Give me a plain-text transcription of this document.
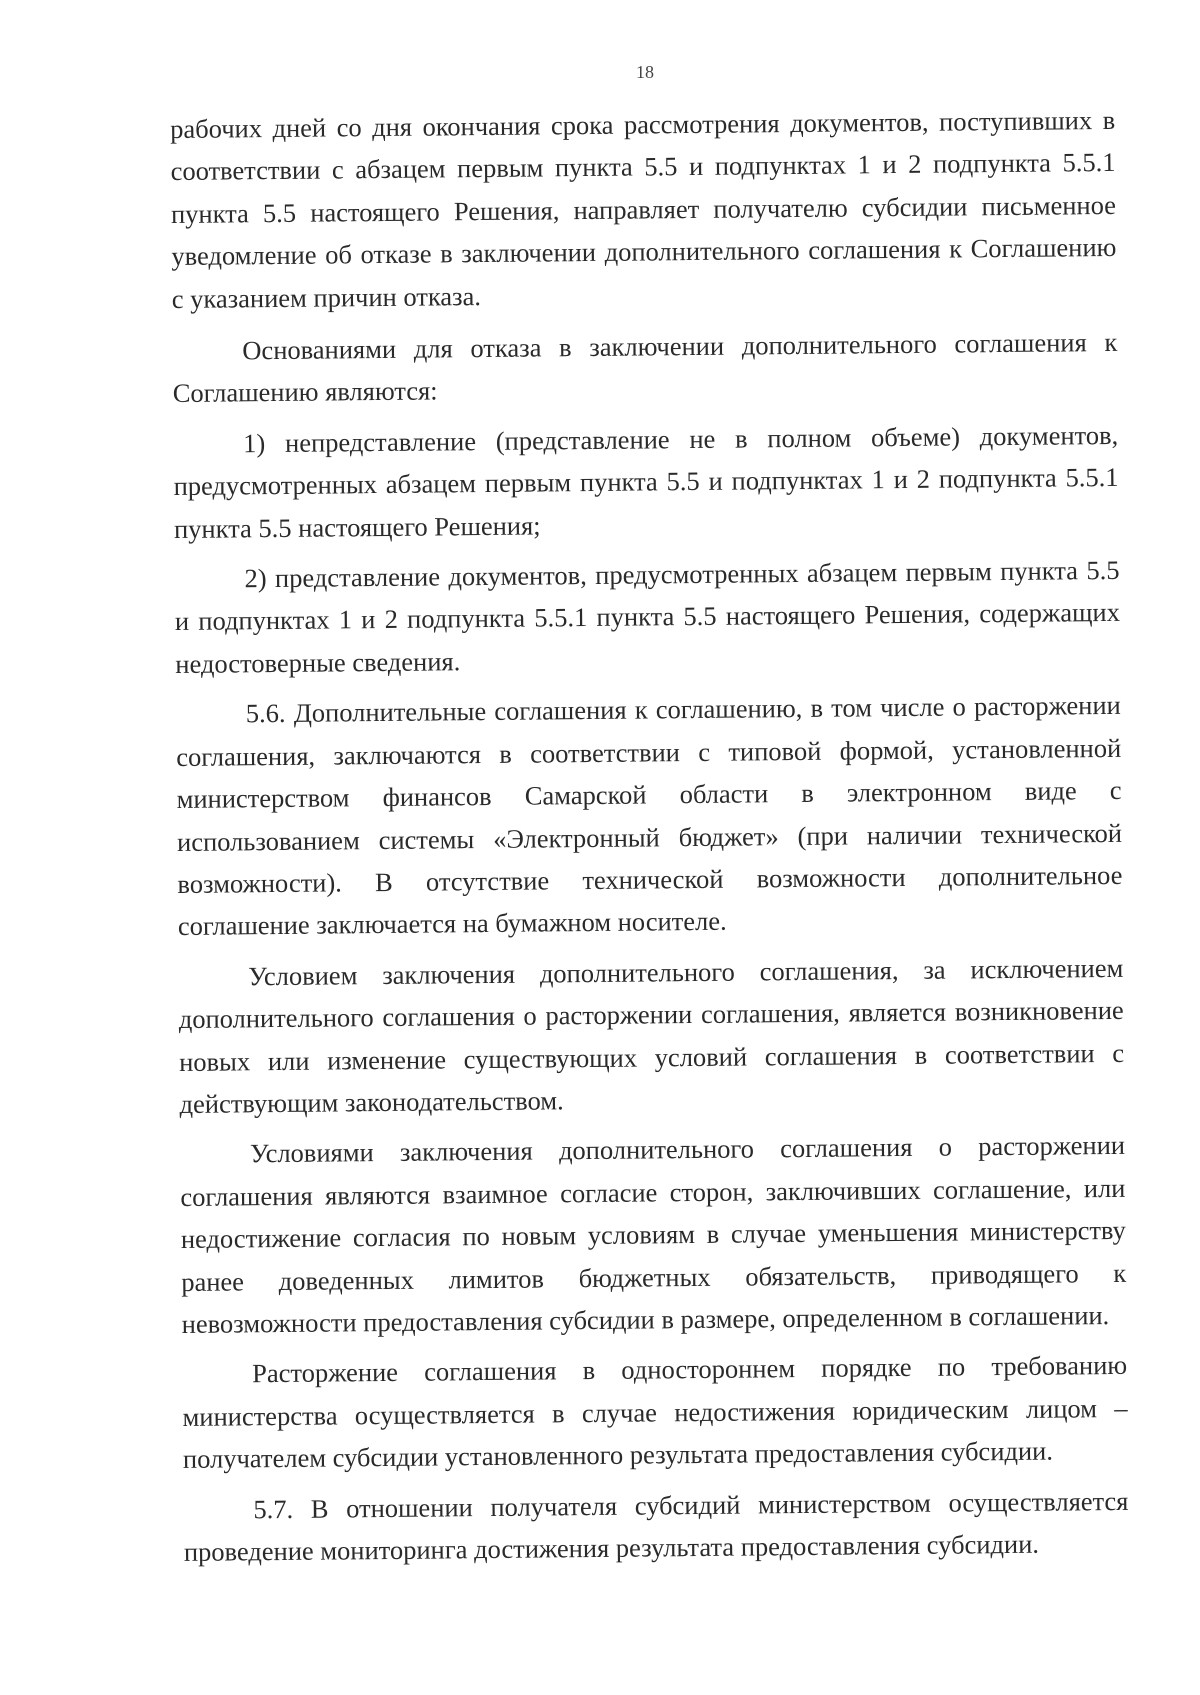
18

рабочих дней со дня окончания срока рассмотрения документов, поступивших в соответствии с абзацем первым пункта 5.5 и подпунктах 1 и 2 подпункта 5.5.1 пункта 5.5 настоящего Решения, направляет получателю субсидии письменное уведомление об отказе в заключении дополнительного соглашения к Соглашению с указанием причин отказа.

Основаниями для отказа в заключении дополнительного соглашения к Соглашению являются:

1) непредставление (представление не в полном объеме) документов, предусмотренных абзацем первым пункта 5.5 и подпунктах 1 и 2 подпункта 5.5.1 пункта 5.5 настоящего Решения;

2) представление документов, предусмотренных абзацем первым пункта 5.5 и подпунктах 1 и 2 подпункта 5.5.1 пункта 5.5 настоящего Решения, содержащих недостоверные сведения.

5.6. Дополнительные соглашения к соглашению, в том числе о расторжении соглашения, заключаются в соответствии с типовой формой, установленной министерством финансов Самарской области в электронном виде с использованием системы «Электронный бюджет» (при наличии технической возможности). В отсутствие технической возможности дополнительное соглашение заключается на бумажном носителе.

Условием заключения дополнительного соглашения, за исключением дополнительного соглашения о расторжении соглашения, является возникновение новых или изменение существующих условий соглашения в соответствии с действующим законодательством.

Условиями заключения дополнительного соглашения о расторжении соглашения являются взаимное согласие сторон, заключивших соглашение, или недостижение согласия по новым условиям в случае уменьшения министерству ранее доведенных лимитов бюджетных обязательств, приводящего к невозможности предоставления субсидии в размере, определенном в соглашении.

Расторжение соглашения в одностороннем порядке по требованию министерства осуществляется в случае недостижения юридическим лицом – получателем субсидии установленного результата предоставления субсидии.

5.7. В отношении получателя субсидий министерством осуществляется проведение мониторинга достижения результата предоставления субсидии.
